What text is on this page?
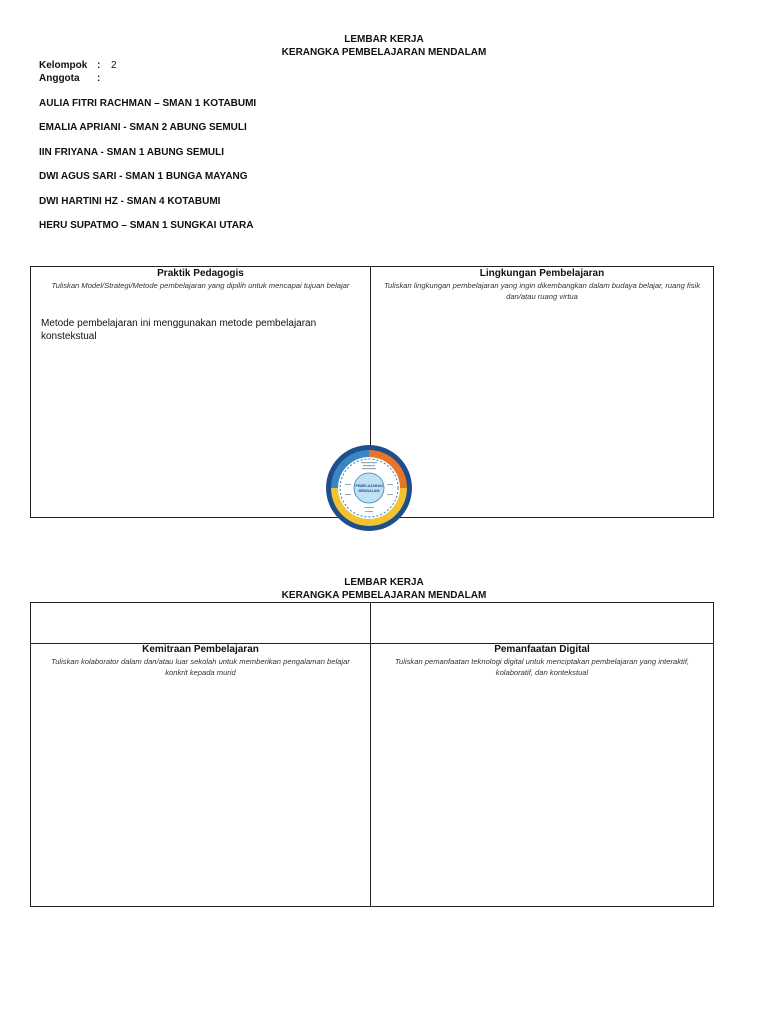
LEMBAR KERJA
KERANGKA PEMBELAJARAN MENDALAM
Kelompok :	2
Anggota	:
AULIA FITRI RACHMAN – SMAN 1 KOTABUMI
EMALIA APRIANI - SMAN 2 ABUNG SEMULI
IIN FRIYANA - SMAN 1 ABUNG SEMULI
DWI AGUS SARI - SMAN 1 BUNGA MAYANG
DWI HARTINI HZ - SMAN 4 KOTABUMI
HERU SUPATMO – SMAN 1 SUNGKAI UTARA
Praktik Pedagogis
Tuliskan Model/Strategi/Metode pembelajaran yang dipilih untuk mencapai tujuan belajar
Metode pembelajaran ini menggunakan metode pembelajaran konstekstual
Lingkungan Pembelajaran
Tuliskan lingkungan pembelajaran yang ingin dikembangkan dalam budaya belajar, ruang fisik dan/atau ruang virtua
PEMELAJARAN
MENDALAM
LEMBAR KERJA
KERANGKA PEMBELAJARAN MENDALAM
Kemitraan Pembelajaran
Tuliskan kolaborator dalam dan/atau luar sekolah untuk memberikan pengalaman belajar konkrit kepada murid
Pemanfaatan Digital
Tuliskan pemanfaatan teknologi digital untuk menciptakan pembelajaran yang interaktif, kolaboratif, dan kontekstual
